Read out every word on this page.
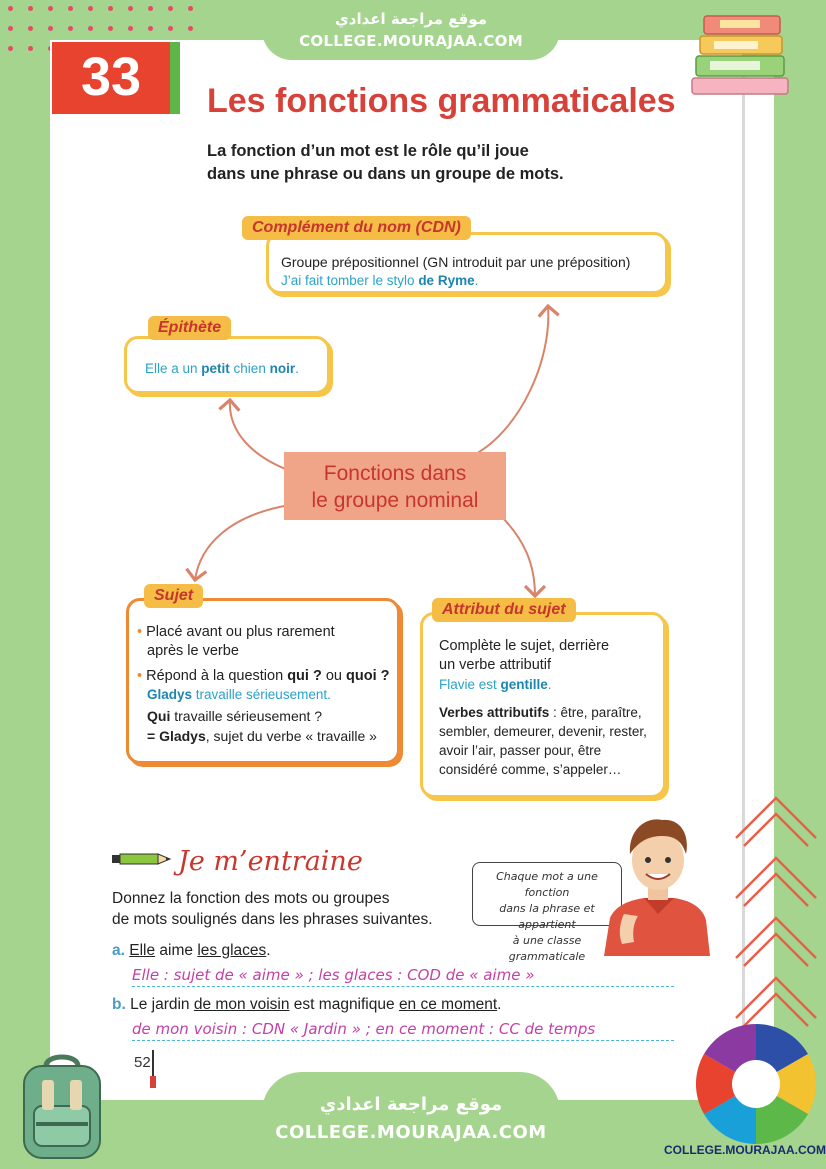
موقع مراجعة اعدادي
COLLEGE.MOURAJAA.COM
33	Les fonctions grammaticales
La fonction d’un mot est le rôle qu’il joue
dans une phrase ou dans un groupe de mots.
Groupe prépositionnel (GN introduit par une préposition)
J’ai fait tomber le stylo de Ryme.
Complément du nom (CDN)
Elle a un petit chien noir.
Épithète
Fonctions dans
le groupe nominal
• Placé avant ou plus rarement
après le verbe
• Répond à la question qui ? ou quoi ?
Gladys travaille sérieusement.
Qui travaille sérieusement ?
= Gladys, sujet du verbe « travaille »
Sujet
Complète le sujet, derrière
un verbe attributif
Flavie est gentille.
Verbes attributifs : être, paraître,
sembler, demeurer, devenir, rester,
avoir l’air, passer pour, être
considéré comme, s’appeler…
Attribut du sujet
Je m’entraine
Donnez la fonction des mots ou groupes
de mots soulignés dans les phrases suivantes.
Chaque mot a une fonction
dans la phrase et appartient
à une classe grammaticale
a. Elle aime les glaces.
Elle : sujet de « aime » ; les glaces : COD de « aime »
b. Le jardin de mon voisin est magnifique en ce moment.
de mon voisin : CDN « Jardin » ; en ce moment : CC de temps
52
موقع مراجعة اعدادي
COLLEGE.MOURAJAA.COM
COLLEGE.MOURAJAA.COM
